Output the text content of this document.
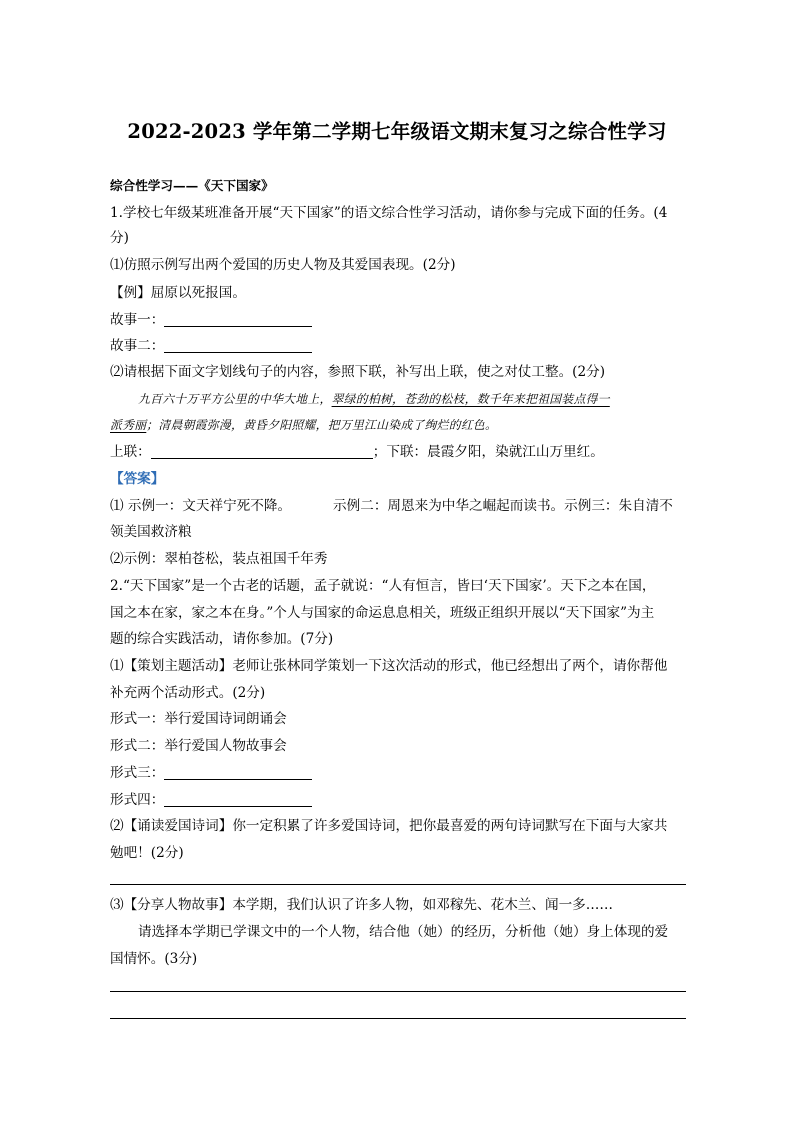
2022-2023 学年第二学期七年级语文期末复习之综合性学习
综合性学习——《天下国家》
1.学校七年级某班准备开展“天下国家”的语文综合性学习活动，请你参与完成下面的任务。(4
分)
⑴仿照示例写出两个爱国的历史人物及其爱国表现。(2分)
【例】屈原以死报国。
故事一：
故事二：
⑵请根据下面文字划线句子的内容，参照下联，补写出上联，使之对仗工整。(2分)
九百六十万平方公里的中华大地上，翠绿的柏树，苍劲的松枝，数千年来把祖国装点得一
派秀丽；清晨朝霞弥漫，黄昏夕阳照耀，把万里江山染成了绚烂的红色。
上联：	；下联：晨霞夕阳，染就江山万里红。
【答案】
⑴ 示例一：文天祥宁死不降。	示例二：周恩来为中华之崛起而读书。示例三：朱自清不
领美国救济粮
⑵示例：翠柏苍松，装点祖国千年秀
2.“天下国家”是一个古老的话题，孟子就说：“人有恒言，皆曰‘天下国家’。天下之本在国，
国之本在家，家之本在身。”个人与国家的命运息息相关，班级正组织开展以“天下国家”为主
题的综合实践活动，请你参加。(7分)
⑴【策划主题活动】老师让张林同学策划一下这次活动的形式，他已经想出了两个，请你帮他
补充两个活动形式。(2分)
形式一：举行爱国诗词朗诵会
形式二：举行爱国人物故事会
形式三：
形式四：
⑵【诵读爱国诗词】你一定积累了许多爱国诗词，把你最喜爱的两句诗词默写在下面与大家共
勉吧！(2分)
⑶【分享人物故事】本学期，我们认识了许多人物，如邓稼先、花木兰、闻一多……
请选择本学期已学课文中的一个人物，结合他（她）的经历，分析他（她）身上体现的爱
国情怀。(3分)
